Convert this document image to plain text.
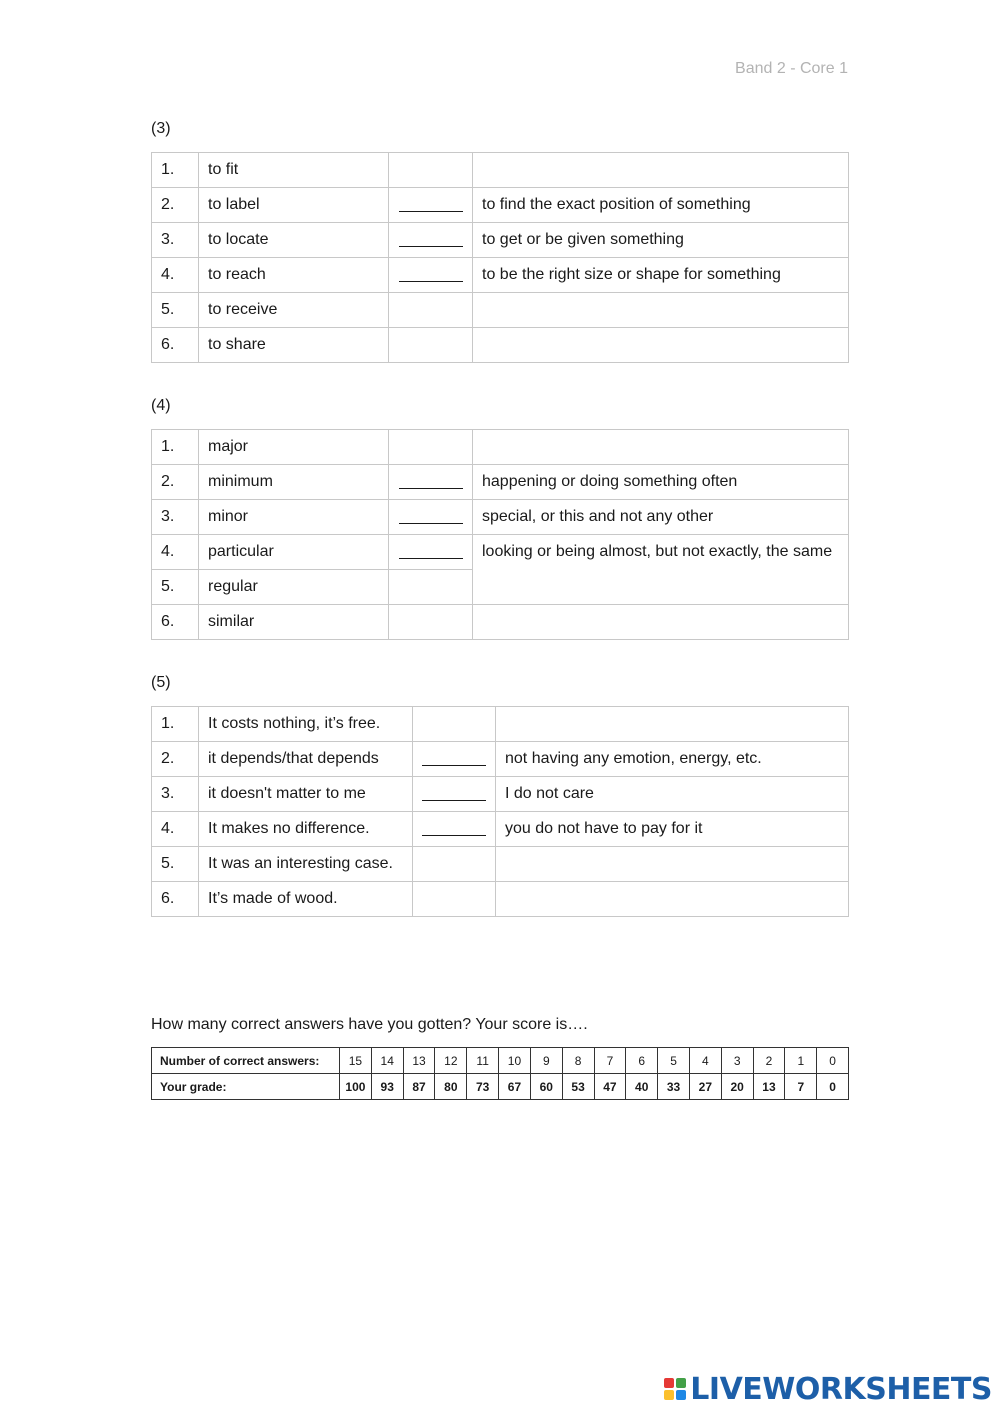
Band 2 - Core 1
(3)
1.	to fit		
2.	to label		to find the exact position of something
3.	to locate		to get or be given something
4.	to reach		to be the right size or shape for something
5.	to receive		
6.	to share		
(4)
1.	major		
2.	minimum		happening or doing something often
3.	minor		special, or this and not any other
4.	particular		looking or being almost, but not exactly, the same
5.	regular		
6.	similar		
(5)
1.	It costs nothing, it’s free.		
2.	it depends/that depends		not having any emotion, energy, etc.
3.	it doesn't matter to me		I do not care
4.	It makes no difference.		you do not have to pay for it
5.	It was an interesting case.		
6.	It’s made of wood.		
How many correct answers have you gotten? Your score is….
Number of correct answers:	15	14	13	12	11	10	9	8	7	6	5	4	3	2	1	0
Your grade:	100	93	87	80	73	67	60	53	47	40	33	27	20	13	7	0
LIVEWORKSHEETS
